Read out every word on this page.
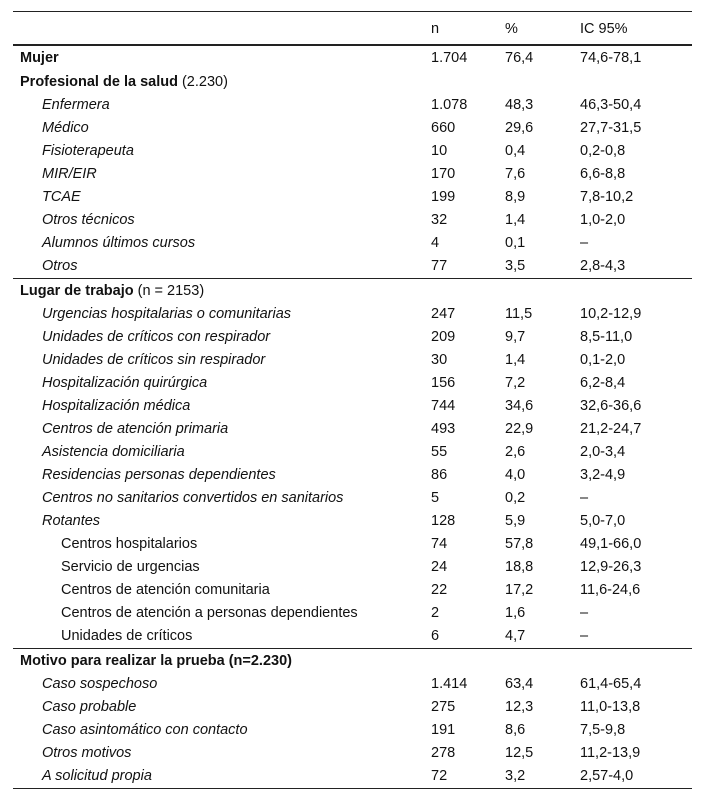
	n	%	IC 95%
Mujer	1.704	76,4	74,6-78,1
Profesional de la salud (2.230)			
Enfermera	1.078	48,3	46,3-50,4
Médico	660	29,6	27,7-31,5
Fisioterapeuta	10	0,4	0,2-0,8
MIR/EIR	170	7,6	6,6-8,8
TCAE	199	8,9	7,8-10,2
Otros técnicos	32	1,4	1,0-2,0
Alumnos últimos cursos	4	0,1	–
Otros	77	3,5	2,8-4,3
Lugar de trabajo (n = 2153)			
Urgencias hospitalarias o comunitarias	247	11,5	10,2-12,9
Unidades de críticos con respirador	209	9,7	8,5-11,0
Unidades de críticos sin respirador	30	1,4	0,1-2,0
Hospitalización quirúrgica	156	7,2	6,2-8,4
Hospitalización médica	744	34,6	32,6-36,6
Centros de atención primaria	493	22,9	21,2-24,7
Asistencia domiciliaria	55	2,6	2,0-3,4
Residencias personas dependientes	86	4,0	3,2-4,9
Centros no sanitarios convertidos en sanitarios	5	0,2	–
Rotantes	128	5,9	5,0-7,0
Centros hospitalarios	74	57,8	49,1-66,0
Servicio de urgencias	24	18,8	12,9-26,3
Centros de atención comunitaria	22	17,2	11,6-24,6
Centros de atención a personas dependientes	2	1,6	–
Unidades de críticos	6	4,7	–
Motivo para realizar la prueba (n=2.230)			
Caso sospechoso	1.414	63,4	61,4-65,4
Caso probable	275	12,3	11,0-13,8
Caso asintomático con contacto	191	8,6	7,5-9,8
Otros motivos	278	12,5	11,2-13,9
A solicitud propia	72	3,2	2,57-4,0
